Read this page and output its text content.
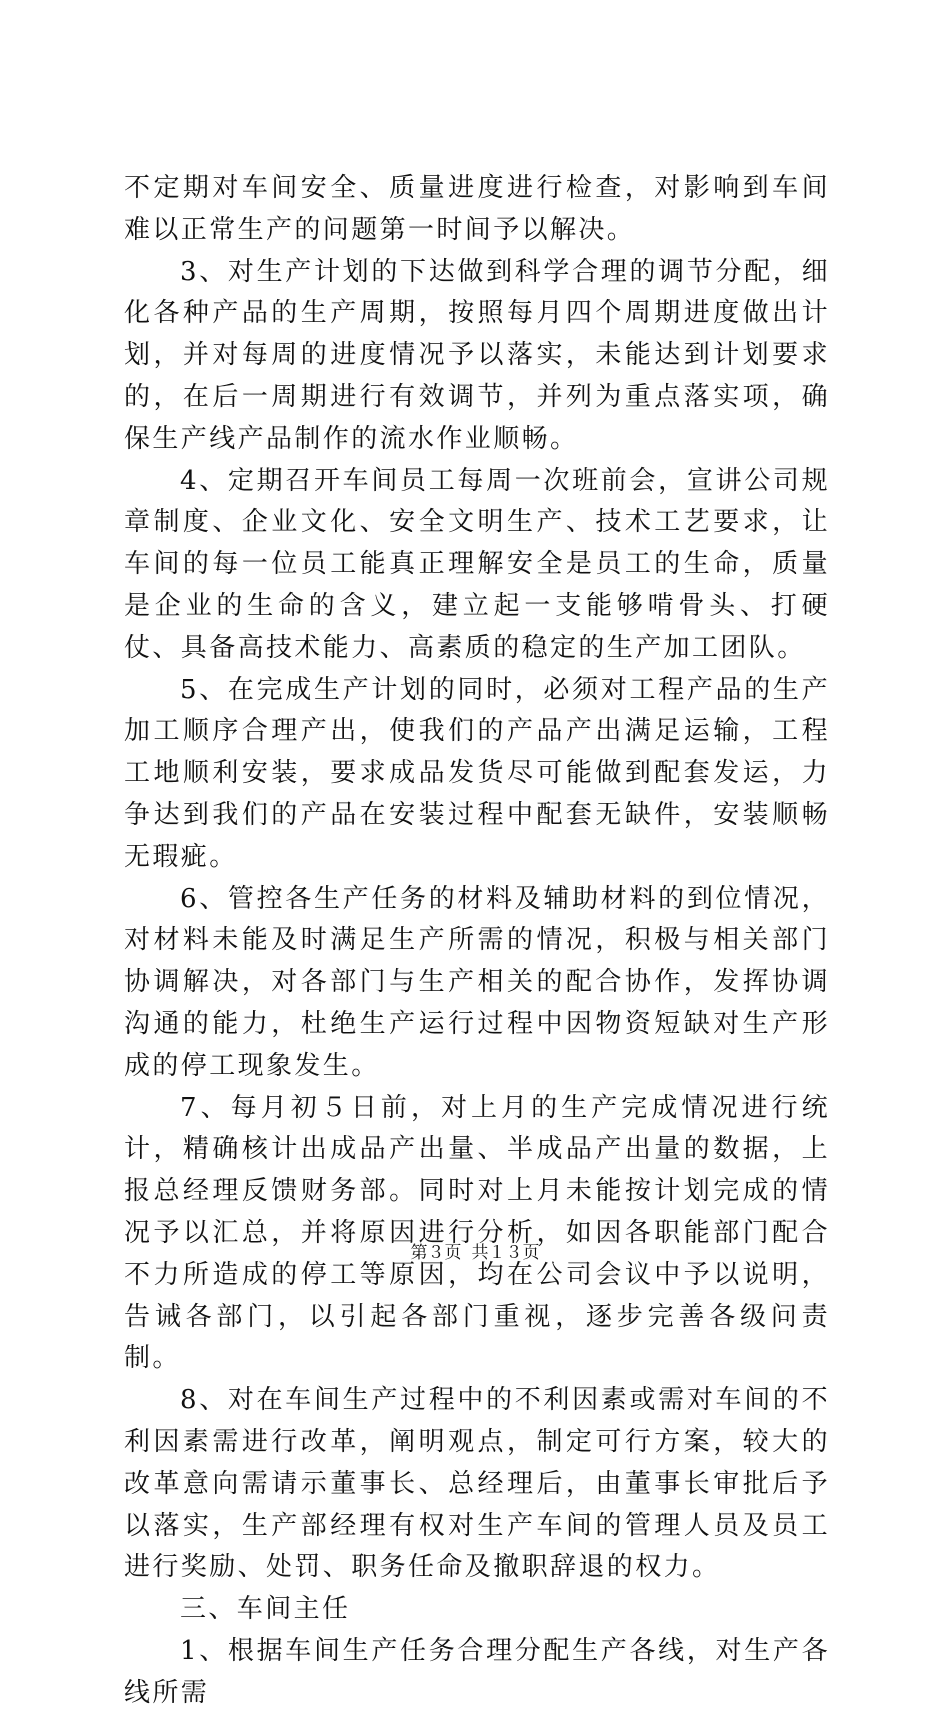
不定期对车间安全、质量进度进行检查，对影响到车间难以正常生产的问题第一时间予以解决。

3、对生产计划的下达做到科学合理的调节分配，细化各种产品的生产周期，按照每月四个周期进度做出计划，并对每周的进度情况予以落实，未能达到计划要求的，在后一周期进行有效调节，并列为重点落实项，确保生产线产品制作的流水作业顺畅。

4、定期召开车间员工每周一次班前会，宣讲公司规章制度、企业文化、安全文明生产、技术工艺要求，让车间的每一位员工能真正理解安全是员工的生命，质量是企业的生命的含义，建立起一支能够啃骨头、打硬仗、具备高技术能力、高素质的稳定的生产加工团队。

5、在完成生产计划的同时，必须对工程产品的生产加工顺序合理产出，使我们的产品产出满足运输，工程工地顺利安装，要求成品发货尽可能做到配套发运，力争达到我们的产品在安装过程中配套无缺件，安装顺畅无瑕疵。

6、管控各生产任务的材料及辅助材料的到位情况，对材料未能及时满足生产所需的情况，积极与相关部门协调解决，对各部门与生产相关的配合协作，发挥协调沟通的能力，杜绝生产运行过程中因物资短缺对生产形成的停工现象发生。

7、每月初５日前，对上月的生产完成情况进行统计，精确核计出成品产出量、半成品产出量的数据，上报总经理反馈财务部。同时对上月未能按计划完成的情况予以汇总，并将原因进行分析，如因各职能部门配合不力所造成的停工等原因，均在公司会议中予以说明，告诫各部门，以引起各部门重视，逐步完善各级问责制。

8、对在车间生产过程中的不利因素或需对车间的不利因素需进行改革，阐明观点，制定可行方案，较大的改革意向需请示董事长、总经理后，由董事长审批后予以落实，生产部经理有权对生产车间的管理人员及员工进行奖励、处罚、职务任命及撤职辞退的权力。

三、车间主任

1、根据车间生产任务合理分配生产各线，对生产各线所需

第３页 共１３页
